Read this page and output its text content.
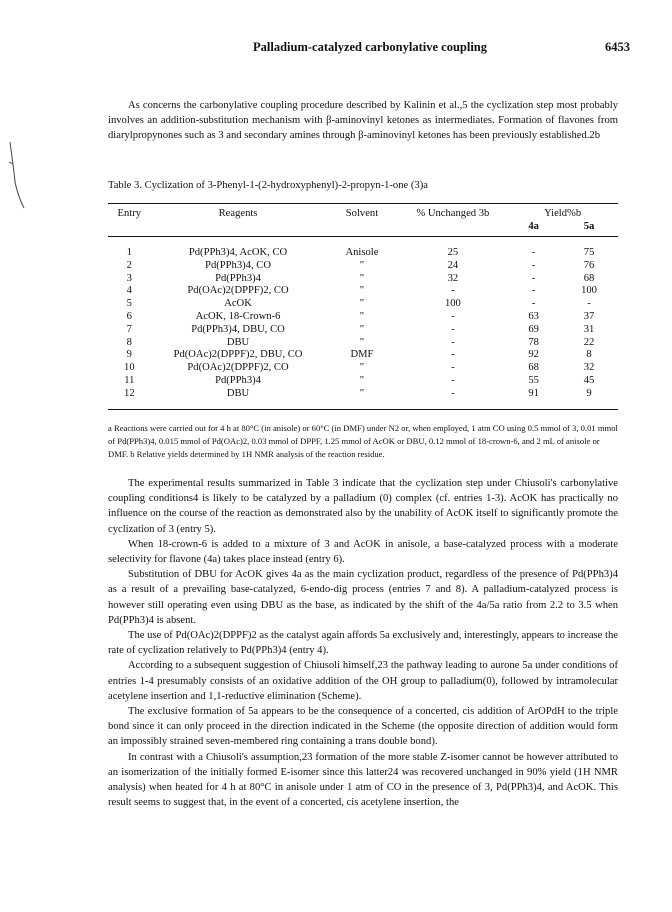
Palladium-catalyzed carbonylative coupling	6453

As concerns the carbonylative coupling procedure described by Kalinin et al.,5 the cyclization step most probably involves an addition-substitution mechanism with β-aminovinyl ketones as intermediates. Formation of flavones from diarylpropynones such as 3 and secondary amines through β-aminovinyl ketones has been previously established.2b

Table 3. Cyclization of 3-Phenyl-1-(2-hydroxyphenyl)-2-propyn-1-one (3)a
Entry	Reagents	Solvent	% Unchanged 3b	Yield%b	
				4a	5a
1	Pd(PPh3)4, AcOK, CO	Anisole	25	-	75
2	Pd(PPh3)4, CO	"	24	-	76
3	Pd(PPh3)4	"	32	-	68
4	Pd(OAc)2(DPPF)2, CO	"	-	-	100
5	AcOK	"	100	-	-
6	AcOK, 18-Crown-6	"	-	63	37
7	Pd(PPh3)4, DBU, CO	"	-	69	31
8	DBU	"	-	78	22
9	Pd(OAc)2(DPPF)2, DBU, CO	DMF	-	92	8
10	Pd(OAc)2(DPPF)2, CO	"	-	68	32
11	Pd(PPh3)4	"	-	55	45
12	DBU	"	-	91	9
a Reactions were carried out for 4 h at 80°C (in anisole) or 60°C (in DMF) under N2 or, when employed, 1 atm CO using 0.5 mmol of 3, 0.01 mmol of Pd(PPh3)4, 0.015 mmol of Pd(OAc)2, 0.03 mmol of DPPF, 1.25 mmol of AcOK or DBU, 0.12 mmol of 18-crown-6, and 2 mL of anisole or DMF. b Relative yields determined by 1H NMR analysis of the reaction residue.

The experimental results summarized in Table 3 indicate that the cyclization step under Chiusoli's carbonylative coupling conditions4 is likely to be catalyzed by a palladium (0) complex (cf. entries 1-3). AcOK has practically no influence on the course of the reaction as demonstrated also by the unability of AcOK itself to significantly promote the cyclization of 3 (entry 5).

When 18-crown-6 is added to a mixture of 3 and AcOK in anisole, a base-catalyzed process with a moderate selectivity for flavone (4a) takes place instead (entry 6).

Substitution of DBU for AcOK gives 4a as the main cyclization product, regardless of the presence of Pd(PPh3)4 as a result of a prevailing base-catalyzed, 6-endo-dig process (entries 7 and 8). A palladium-catalyzed process is however still operating even using DBU as the base, as indicated by the shift of the 4a/5a ratio from 2.2 to 3.5 when Pd(PPh3)4 is absent.

The use of Pd(OAc)2(DPPF)2 as the catalyst again affords 5a exclusively and, interestingly, appears to increase the rate of cyclization relatively to Pd(PPh3)4 (entry 4).

According to a subsequent suggestion of Chiusoli himself,23 the pathway leading to aurone 5a under conditions of entries 1-4 presumably consists of an oxidative addition of the OH group to palladium(0), followed by intramolecular acetylene insertion and 1,1-reductive elimination (Scheme).

The exclusive formation of 5a appears to be the consequence of a concerted, cis addition of ArOPdH to the triple bond since it can only proceed in the direction indicated in the Scheme (the opposite direction of addition would form an impossibly strained seven-membered ring containing a trans double bond).

In contrast with a Chiusoli's assumption,23 formation of the more stable Z-isomer cannot be however attributed to an isomerization of the initially formed E-isomer since this latter24 was recovered unchanged in 90% yield (1H NMR analysis) when heated for 4 h at 80°C in anisole under 1 atm of CO in the presence of 3, Pd(PPh3)4, and AcOK. This result seems to suggest that, in the event of a concerted, cis acetylene insertion, the
